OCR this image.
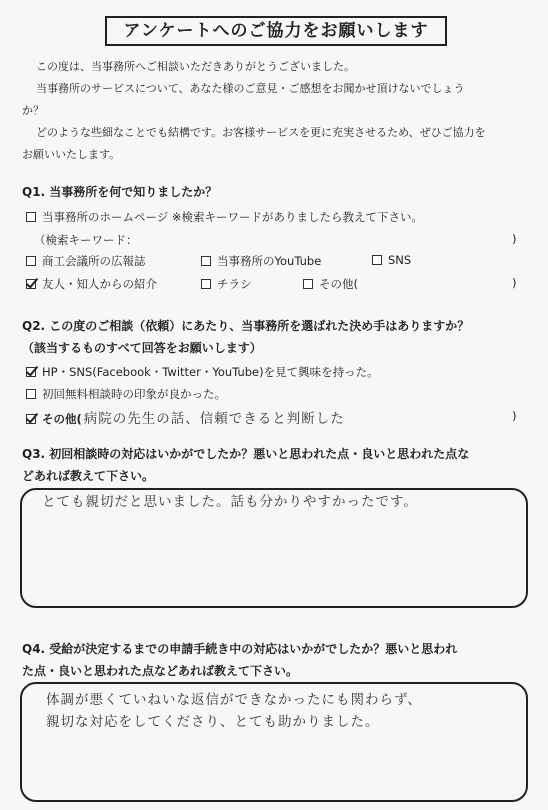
アンケートへのご協力をお願いします
この度は、当事務所へご相談いただきありがとうございました。
当事務所のサービスについて、あなた様のご意見・ご感想をお聞かせ頂けないでしょう
か？
どのような些細なことでも結構です。お客様サービスを更に充実させるため、ぜひご協力を
お願いいたします。
Q1. 当事務所を何で知りましたか？
当事務所のホームページ ※検索キーワードがありましたら教えて下さい。
（検索キーワード：	)
商工会議所の広報誌	当事務所のYouTube	SNS
友人・知人からの紹介	チラシ	その他(	)
Q2. この度のご相談（依頼）にあたり、当事務所を選ばれた決め手はありますか？
（該当するものすべて回答をお願いします）
HP・SNS(Facebook・Twitter・YouTube)を見て興味を持った。
初回無料相談時の印象が良かった。
その他( 病院の先生の話、信頼できると判断した	)
Q3. 初回相談時の対応はいかがでしたか？悪いと思われた点・良いと思われた点な
どあれば教えて下さい。
とても親切だと思いました。話も分かりやすかったです。
Q4. 受給が決定するまでの申請手続き中の対応はいかがでしたか？悪いと思われ
た点・良いと思われた点などあれば教えて下さい。
体調が悪くていねいな返信ができなかったにも関わらず、
親切な対応をしてくださり、とても助かりました。
